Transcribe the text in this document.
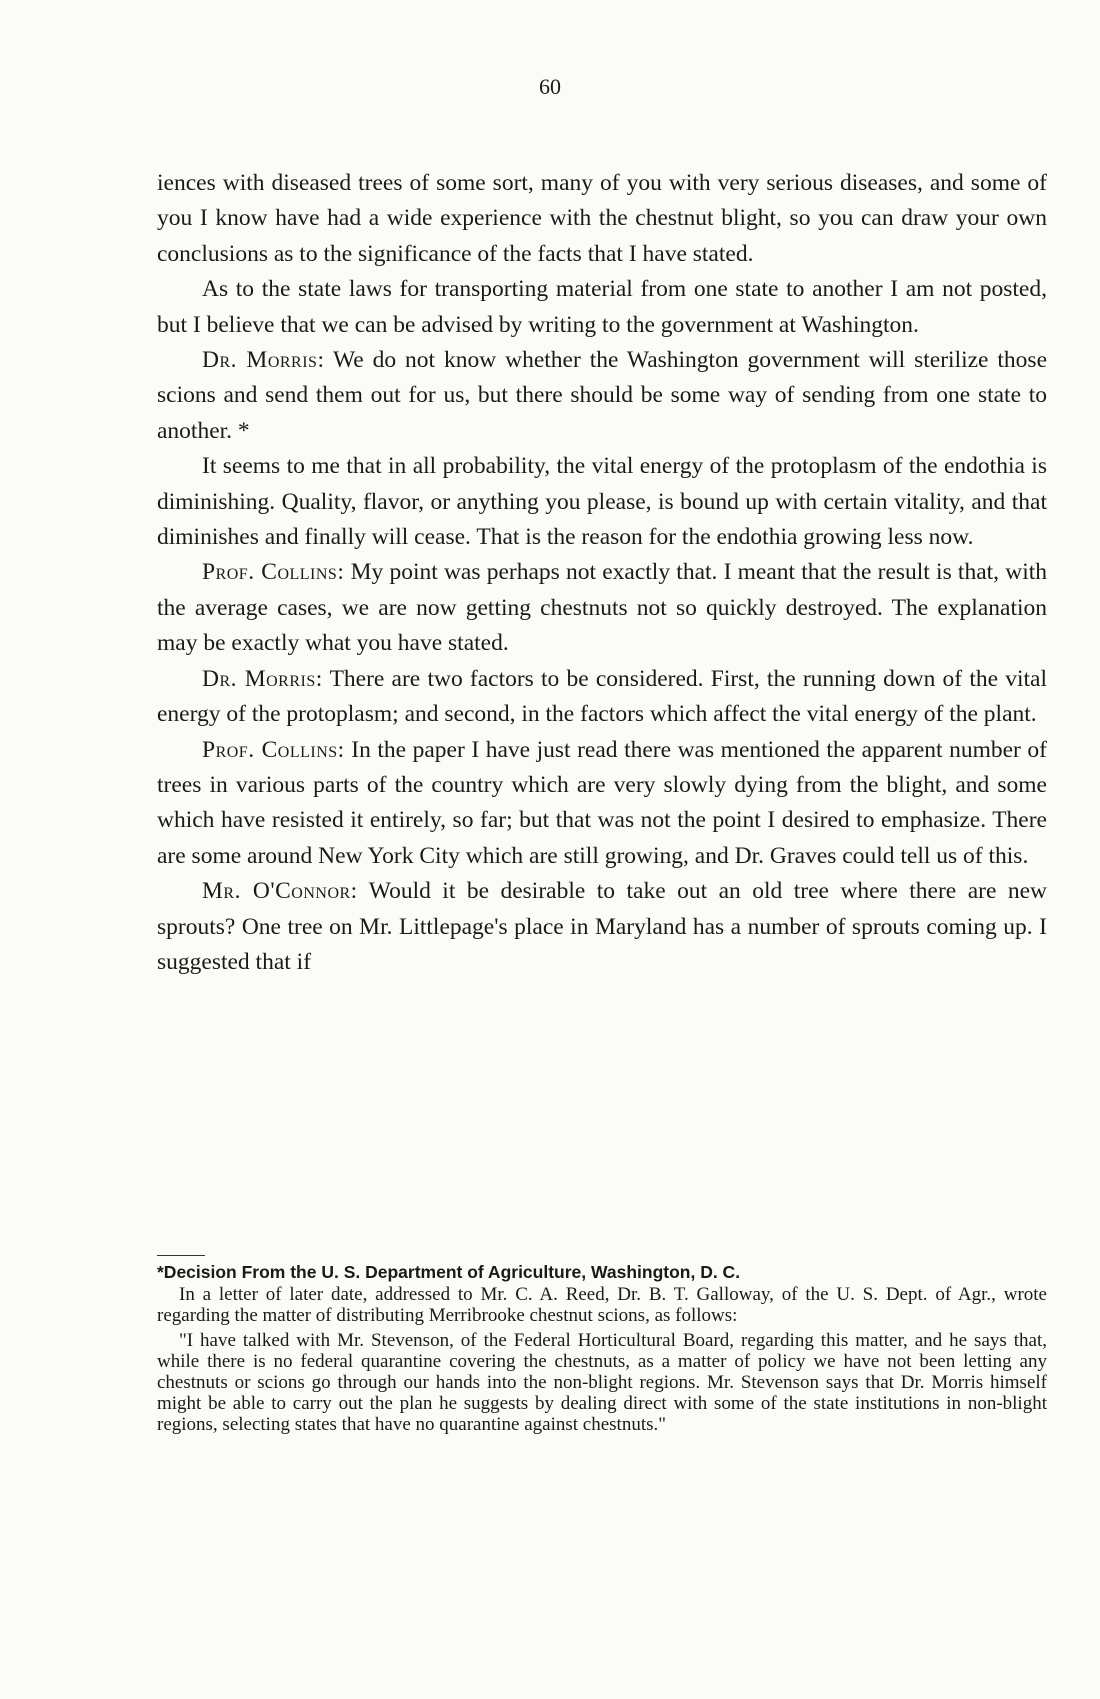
60

iences with diseased trees of some sort, many of you with very serious diseases, and some of you I know have had a wide experience with the chestnut blight, so you can draw your own conclusions as to the significance of the facts that I have stated.

As to the state laws for transporting material from one state to another I am not posted, but I believe that we can be advised by writing to the government at Washington.

Dr. Morris: We do not know whether the Washington government will sterilize those scions and send them out for us, but there should be some way of sending from one state to another. *

It seems to me that in all probability, the vital energy of the protoplasm of the endothia is diminishing. Quality, flavor, or anything you please, is bound up with certain vitality, and that diminishes and finally will cease. That is the reason for the endothia growing less now.

Prof. Collins: My point was perhaps not exactly that. I meant that the result is that, with the average cases, we are now getting chestnuts not so quickly destroyed. The explanation may be exactly what you have stated.

Dr. Morris: There are two factors to be considered. First, the running down of the vital energy of the protoplasm; and second, in the factors which affect the vital energy of the plant.

Prof. Collins: In the paper I have just read there was mentioned the apparent number of trees in various parts of the country which are very slowly dying from the blight, and some which have resisted it entirely, so far; but that was not the point I desired to emphasize. There are some around New York City which are still growing, and Dr. Graves could tell us of this.

Mr. O'Connor: Would it be desirable to take out an old tree where there are new sprouts? One tree on Mr. Littlepage's place in Maryland has a number of sprouts coming up. I suggested that if

*Decision From the U. S. Department of Agriculture, Washington, D. C.

In a letter of later date, addressed to Mr. C. A. Reed, Dr. B. T. Galloway, of the U. S. Dept. of Agr., wrote regarding the matter of distributing Merribrooke chestnut scions, as follows:

"I have talked with Mr. Stevenson, of the Federal Horticultural Board, regarding this matter, and he says that, while there is no federal quarantine covering the chestnuts, as a matter of policy we have not been letting any chestnuts or scions go through our hands into the non-blight regions. Mr. Stevenson says that Dr. Morris himself might be able to carry out the plan he suggests by dealing direct with some of the state institutions in non-blight regions, selecting states that have no quarantine against chestnuts."
